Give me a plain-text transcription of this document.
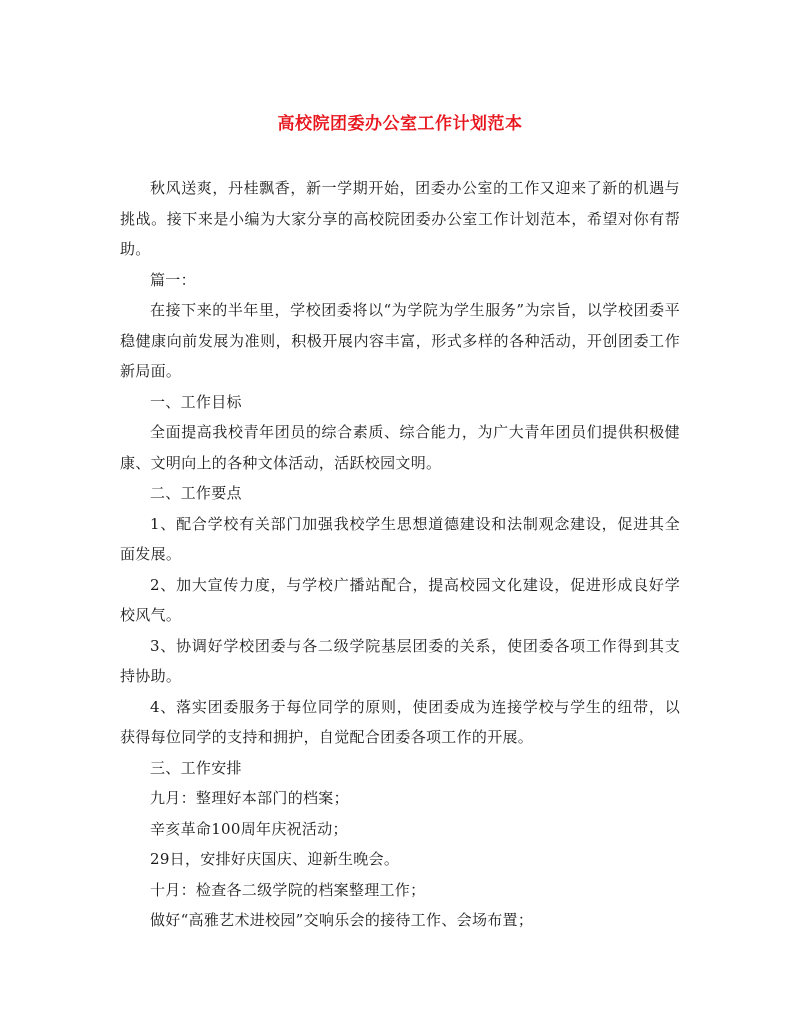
高校院团委办公室工作计划范本

秋风送爽，丹桂飘香，新一学期开始，团委办公室的工作又迎来了新的机遇与挑战。接下来是小编为大家分享的高校院团委办公室工作计划范本，希望对你有帮助。

篇一：

在接下来的半年里，学校团委将以“为学院为学生服务”为宗旨，以学校团委平稳健康向前发展为准则，积极开展内容丰富，形式多样的各种活动，开创团委工作新局面。

一、工作目标

全面提高我校青年团员的综合素质、综合能力，为广大青年团员们提供积极健康、文明向上的各种文体活动，活跃校园文明。

二、工作要点

1、配合学校有关部门加强我校学生思想道德建设和法制观念建设，促进其全面发展。

2、加大宣传力度，与学校广播站配合，提高校园文化建设，促进形成良好学校风气。

3、协调好学校团委与各二级学院基层团委的关系，使团委各项工作得到其支持协助。

4、落实团委服务于每位同学的原则，使团委成为连接学校与学生的纽带，以获得每位同学的支持和拥护，自觉配合团委各项工作的开展。

三、工作安排

九月：整理好本部门的档案；

辛亥革命100周年庆祝活动；

29日，安排好庆国庆、迎新生晚会。

十月：检查各二级学院的档案整理工作；

做好“高雅艺术进校园”交响乐会的接待工作、会场布置；
